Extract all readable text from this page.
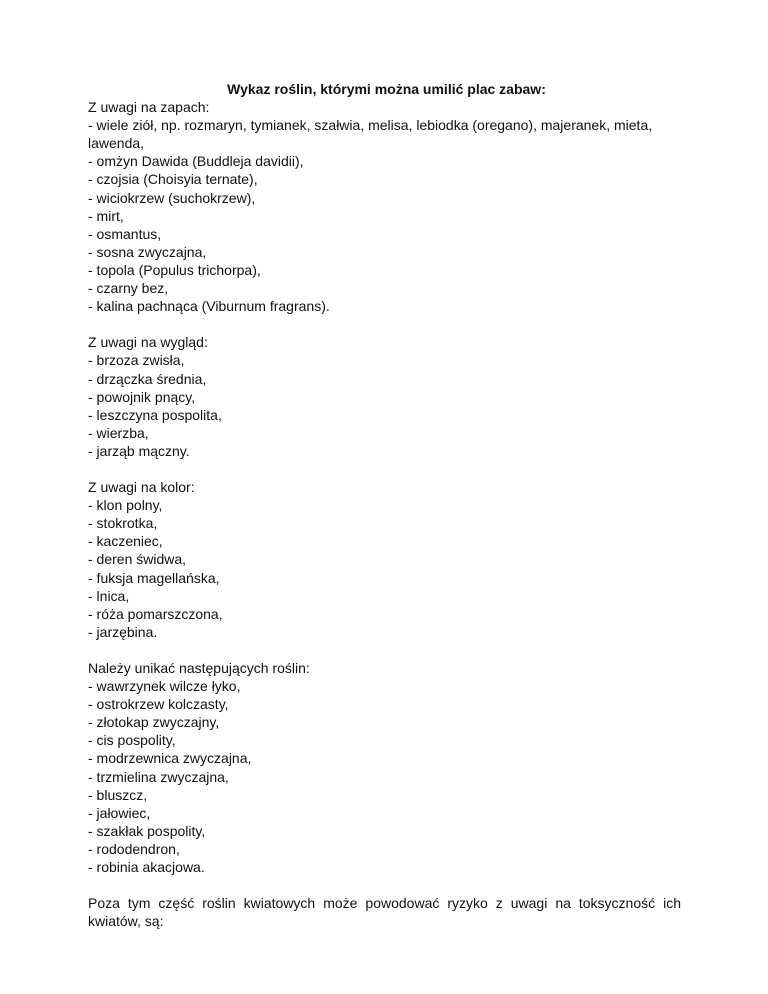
Wykaz roślin, którymi można umilić plac zabaw:
Z uwagi na zapach:
- wiele ziół, np. rozmaryn, tymianek, szałwia, melisa, lebiodka (oregano), majeranek, mieta,
lawenda,
- omżyn Dawida (Buddleja davidii),
- czojsia (Choisyia ternate),
- wiciokrzew (suchokrzew),
- mirt,
- osmantus,
- sosna zwyczajna,
- topola (Populus trichorpa),
- czarny bez,
- kalina pachnąca (Viburnum fragrans).
Z uwagi na wygląd:
- brzoza zwisła,
- drzączka średnia,
- powojnik pnący,
- leszczyna pospolita,
- wierzba,
- jarząb mączny.
Z uwagi na kolor:
- klon polny,
- stokrotka,
- kaczeniec,
- deren świdwa,
- fuksja magellańska,
- lnica,
- róża pomarszczona,
- jarzębina.
Należy unikać następujących roślin:
- wawrzynek wilcze łyko,
- ostrokrzew kolczasty,
- złotokap zwyczajny,
- cis pospolity,
- modrzewnica zwyczajna,
- trzmielina zwyczajna,
- bluszcz,
- jałowiec,
- szakłak pospolity,
- rododendron,
- robinia akacjowa.
Poza tym część roślin kwiatowych może powodować ryzyko z uwagi na toksyczność ich
kwiatów, są:
